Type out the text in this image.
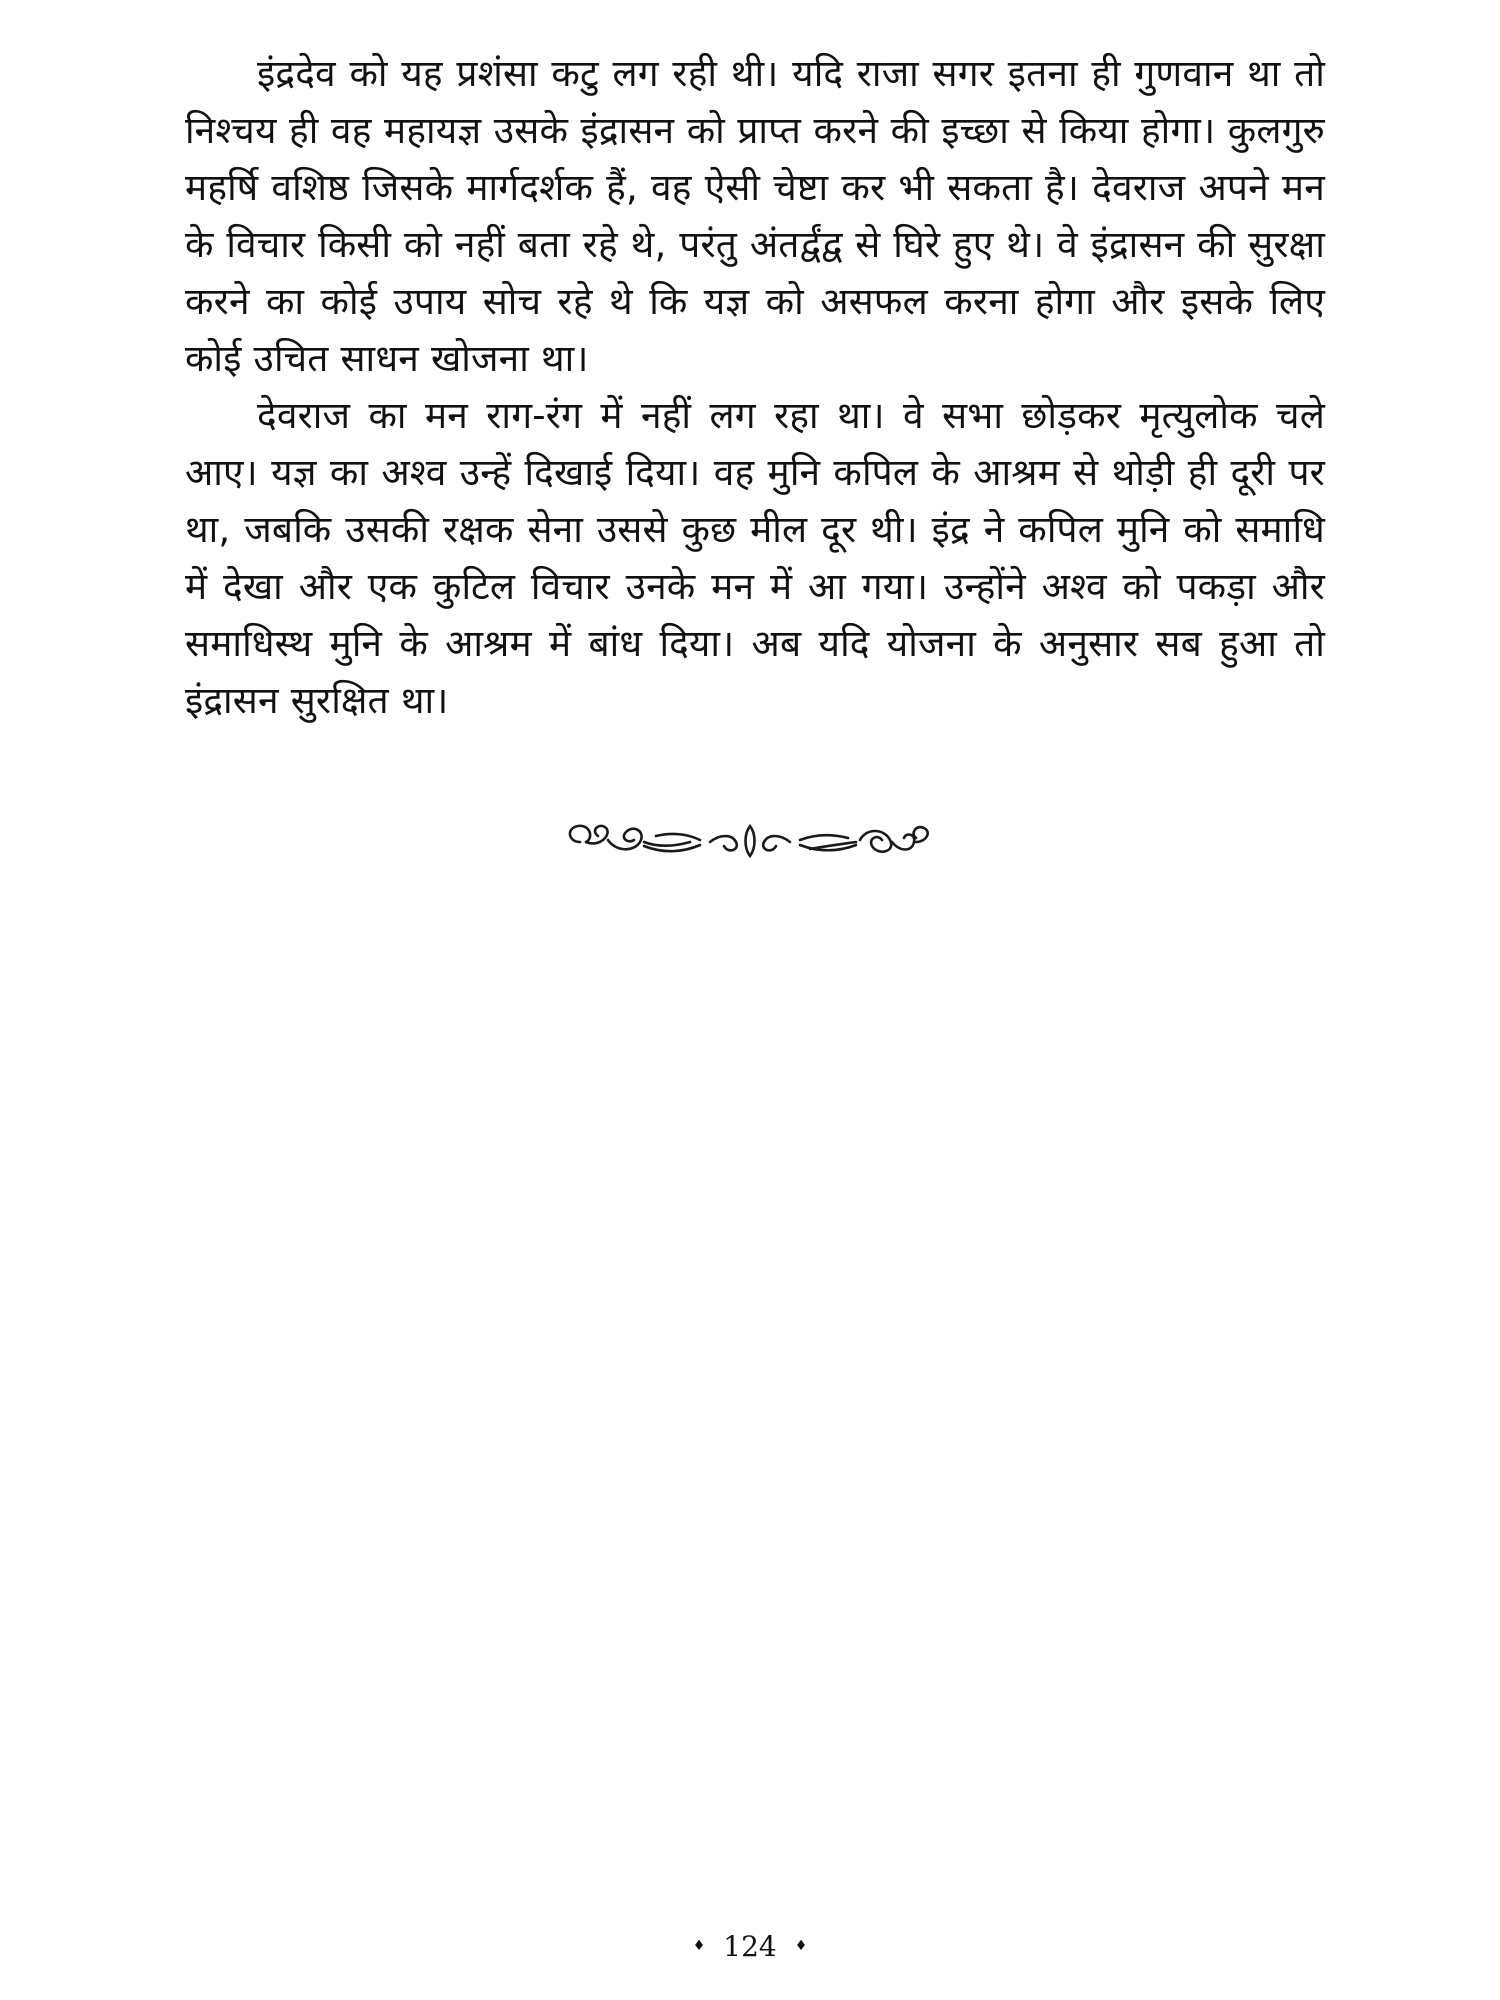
इंद्रदेव को यह प्रशंसा कटु लग रही थी। यदि राजा सगर इतना ही गुणवान था तो निश्चय ही वह महायज्ञ उसके इंद्रासन को प्राप्त करने की इच्छा से किया होगा। कुलगुरु महर्षि वशिष्ठ जिसके मार्गदर्शक हैं, वह ऐसी चेष्टा कर भी सकता है। देवराज अपने मन के विचार किसी को नहीं बता रहे थे, परंतु अंतर्द्वंद्व से घिरे हुए थे। वे इंद्रासन की सुरक्षा करने का कोई उपाय सोच रहे थे कि यज्ञ को असफल करना होगा और इसके लिए कोई उचित साधन खोजना था।

देवराज का मन राग-रंग में नहीं लग रहा था। वे सभा छोड़कर मृत्युलोक चले आए। यज्ञ का अश्व उन्हें दिखाई दिया। वह मुनि कपिल के आश्रम से थोड़ी ही दूरी पर था, जबकि उसकी रक्षक सेना उससे कुछ मील दूर थी। इंद्र ने कपिल मुनि को समाधि में देखा और एक कुटिल विचार उनके मन में आ गया। उन्होंने अश्व को पकड़ा और समाधिस्थ मुनि के आश्रम में बांध दिया। अब यदि योजना के अनुसार सब हुआ तो इंद्रासन सुरक्षित था।

♦ 124 ♦
